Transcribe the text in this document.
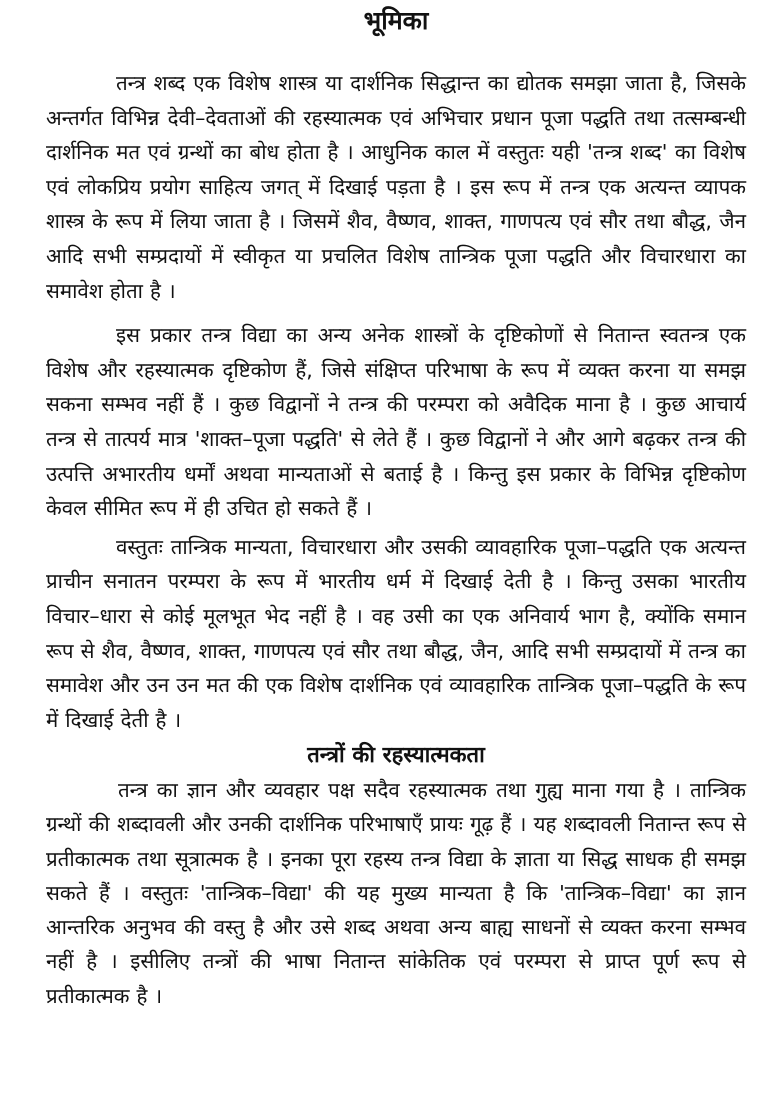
भूमिका

तन्त्र शब्द एक विशेष शास्त्र या दार्शनिक सिद्धान्त का द्योतक समझा जाता है, जिसके अन्तर्गत विभिन्न देवी–देवताओं की रहस्यात्मक एवं अभिचार प्रधान पूजा पद्धति तथा तत्सम्बन्धी दार्शनिक मत एवं ग्रन्थों का बोध होता है । आधुनिक काल में वस्तुतः यही 'तन्त्र शब्द' का विशेष एवं लोकप्रिय प्रयोग साहित्य जगत् में दिखाई पड़ता है । इस रूप में तन्त्र एक अत्यन्त व्यापक शास्त्र के रूप में लिया जाता है । जिसमें शैव, वैष्णव, शाक्त, गाणपत्य एवं सौर तथा बौद्ध, जैन आदि सभी सम्प्रदायों में स्वीकृत या प्रचलित विशेष तान्त्रिक पूजा पद्धति और विचारधारा का समावेश होता है ।

इस प्रकार तन्त्र विद्या का अन्य अनेक शास्त्रों के दृष्टिकोणों से नितान्त स्वतन्त्र एक विशेष और रहस्यात्मक दृष्टिकोण हैं, जिसे संक्षिप्त परिभाषा के रूप में व्यक्त करना या समझ सकना सम्भव नहीं हैं । कुछ विद्वानों ने तन्त्र की परम्परा को अवैदिक माना है । कुछ आचार्य तन्त्र से तात्पर्य मात्र 'शाक्त–पूजा पद्धति' से लेते हैं । कुछ विद्वानों ने और आगे बढ़कर तन्त्र की उत्पत्ति अभारतीय धर्मों अथवा मान्यताओं से बताई है । किन्तु इस प्रकार के विभिन्न दृष्टिकोण केवल सीमित रूप में ही उचित हो सकते हैं ।

वस्तुतः तान्त्रिक मान्यता, विचारधारा और उसकी व्यावहारिक पूजा–पद्धति एक अत्यन्त प्राचीन सनातन परम्परा के रूप में भारतीय धर्म में दिखाई देती है । किन्तु उसका भारतीय विचार–धारा से कोई मूलभूत भेद नहीं है । वह उसी का एक अनिवार्य भाग है, क्योंकि समान रूप से शैव, वैष्णव, शाक्त, गाणपत्य एवं सौर तथा बौद्ध, जैन, आदि सभी सम्प्रदायों में तन्त्र का समावेश और उन उन मत की एक विशेष दार्शनिक एवं व्यावहारिक तान्त्रिक पूजा–पद्धति के रूप में दिखाई देती है ।

तन्त्रों की रहस्यात्मकता

तन्त्र का ज्ञान और व्यवहार पक्ष सदैव रहस्यात्मक तथा गुह्य माना गया है । तान्त्रिक ग्रन्थों की शब्दावली और उनकी दार्शनिक परिभाषाएँ प्रायः गूढ़ हैं । यह शब्दावली नितान्त रूप से प्रतीकात्मक तथा सूत्रात्मक है । इनका पूरा रहस्य तन्त्र विद्या के ज्ञाता या सिद्ध साधक ही समझ सकते हैं । वस्तुतः 'तान्त्रिक–विद्या' की यह मुख्य मान्यता है कि 'तान्त्रिक–विद्या' का ज्ञान आन्तरिक अनुभव की वस्तु है और उसे शब्द अथवा अन्य बाह्य साधनों से व्यक्त करना सम्भव नहीं है । इसीलिए तन्त्रों की भाषा नितान्त सांकेतिक एवं परम्परा से प्राप्त पूर्ण रूप से प्रतीकात्मक है ।
